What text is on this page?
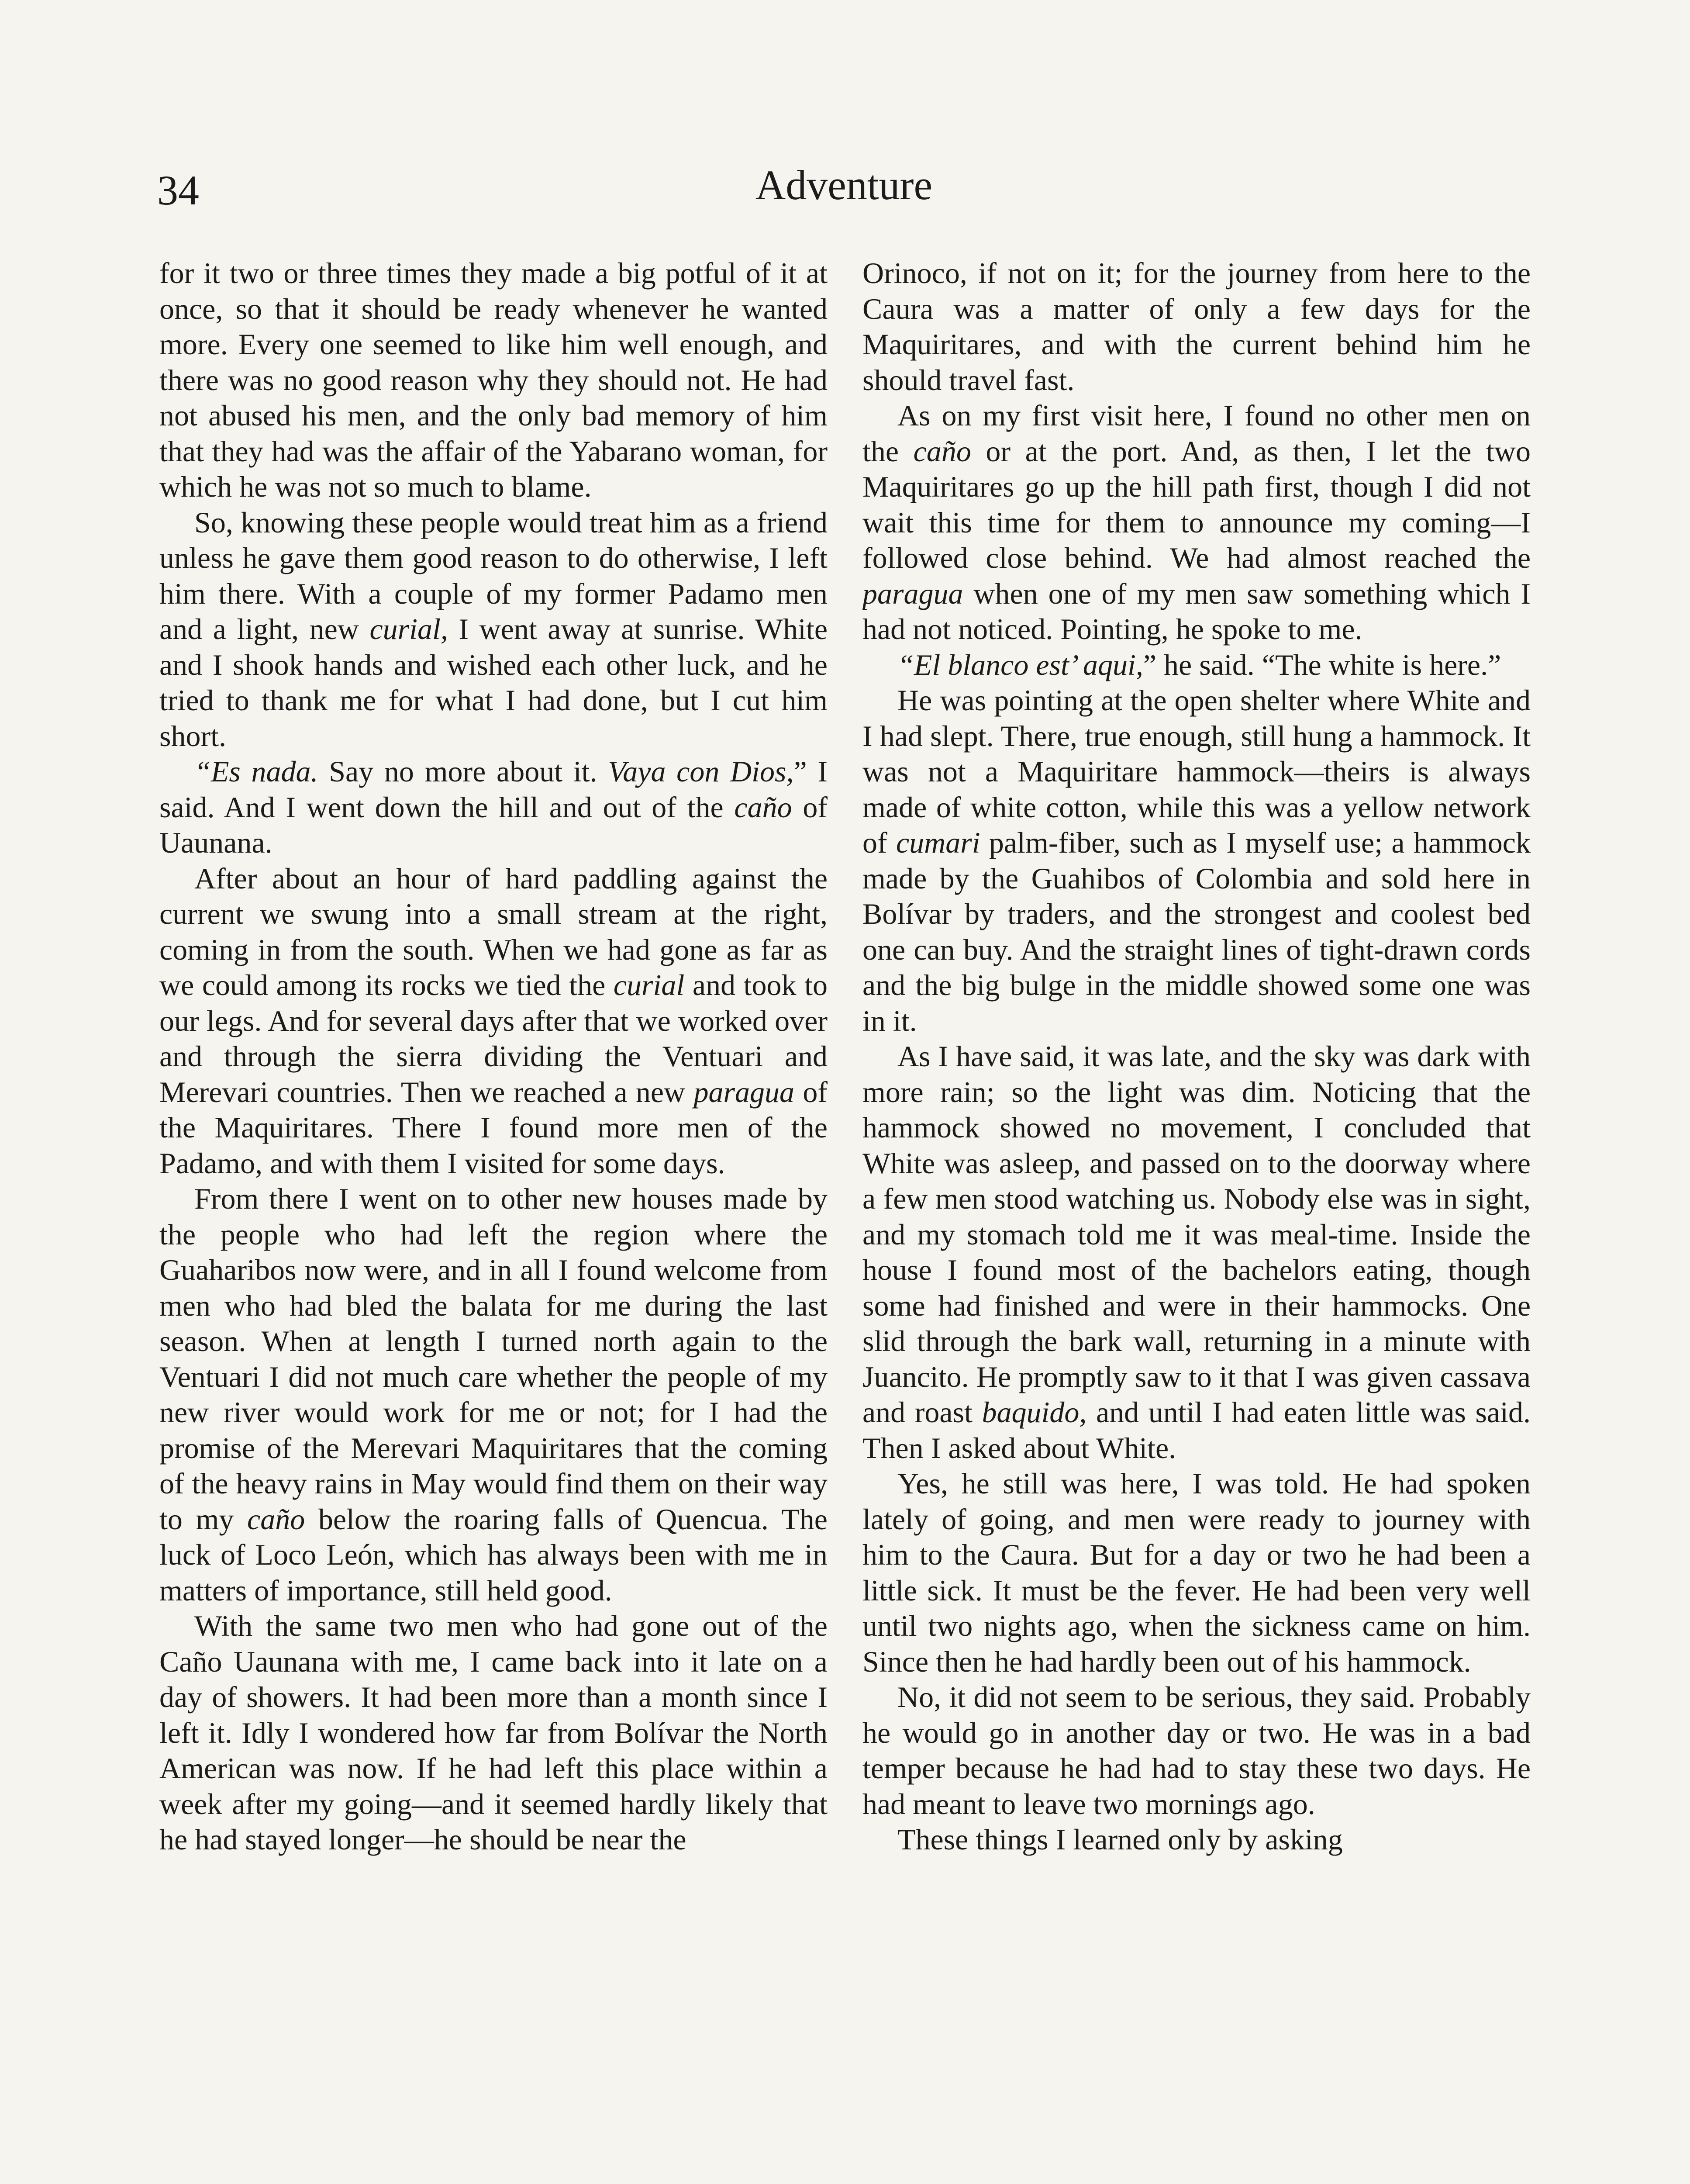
34	Adventure

for it two or three times they made a big potful of it at once, so that it should be ready whenever he wanted more. Every one seemed to like him well enough, and there was no good reason why they should not. He had not abused his men, and the only bad memory of him that they had was the affair of the Yabarano woman, for which he was not so much to blame.

So, knowing these people would treat him as a friend unless he gave them good reason to do otherwise, I left him there. With a couple of my former Padamo men and a light, new curial, I went away at sunrise. White and I shook hands and wished each other luck, and he tried to thank me for what I had done, but I cut him short.

“Es nada. Say no more about it. Vaya con Dios,” I said. And I went down the hill and out of the caño of Uaunana.

After about an hour of hard paddling against the current we swung into a small stream at the right, coming in from the south. When we had gone as far as we could among its rocks we tied the curial and took to our legs. And for several days after that we worked over and through the sierra dividing the Ventuari and Merevari countries. Then we reached a new paragua of the Maquiritares. There I found more men of the Padamo, and with them I visited for some days.

From there I went on to other new houses made by the people who had left the region where the Guaharibos now were, and in all I found welcome from men who had bled the balata for me during the last season. When at length I turned north again to the Ventuari I did not much care whether the people of my new river would work for me or not; for I had the promise of the Merevari Maquiritares that the coming of the heavy rains in May would find them on their way to my caño below the roaring falls of Quencua. The luck of Loco León, which has always been with me in matters of importance, still held good.

With the same two men who had gone out of the Caño Uaunana with me, I came back into it late on a day of showers. It had been more than a month since I left it. Idly I wondered how far from Bolívar the North American was now. If he had left this place within a week after my going—and it seemed hardly likely that he had stayed longer—he should be near the

Orinoco, if not on it; for the journey from here to the Caura was a matter of only a few days for the Maquiritares, and with the current behind him he should travel fast.

As on my first visit here, I found no other men on the caño or at the port. And, as then, I let the two Maquiritares go up the hill path first, though I did not wait this time for them to announce my coming—I followed close behind. We had almost reached the paragua when one of my men saw something which I had not noticed. Pointing, he spoke to me.

“El blanco est’ aqui,” he said. “The white is here.”

He was pointing at the open shelter where White and I had slept. There, true enough, still hung a hammock. It was not a Maquiritare hammock—theirs is always made of white cotton, while this was a yellow network of cumari palm-fiber, such as I myself use; a hammock made by the Guahibos of Colombia and sold here in Bolívar by traders, and the strongest and coolest bed one can buy. And the straight lines of tight-drawn cords and the big bulge in the middle showed some one was in it.

As I have said, it was late, and the sky was dark with more rain; so the light was dim. Noticing that the hammock showed no movement, I concluded that White was asleep, and passed on to the doorway where a few men stood watching us. Nobody else was in sight, and my stomach told me it was meal-time. Inside the house I found most of the bachelors eating, though some had finished and were in their hammocks. One slid through the bark wall, returning in a minute with Juancito. He promptly saw to it that I was given cassava and roast baquido, and until I had eaten little was said. Then I asked about White.

Yes, he still was here, I was told. He had spoken lately of going, and men were ready to journey with him to the Caura. But for a day or two he had been a little sick. It must be the fever. He had been very well until two nights ago, when the sickness came on him. Since then he had hardly been out of his hammock.

No, it did not seem to be serious, they said. Probably he would go in another day or two. He was in a bad temper because he had had to stay these two days. He had meant to leave two mornings ago.

These things I learned only by asking
